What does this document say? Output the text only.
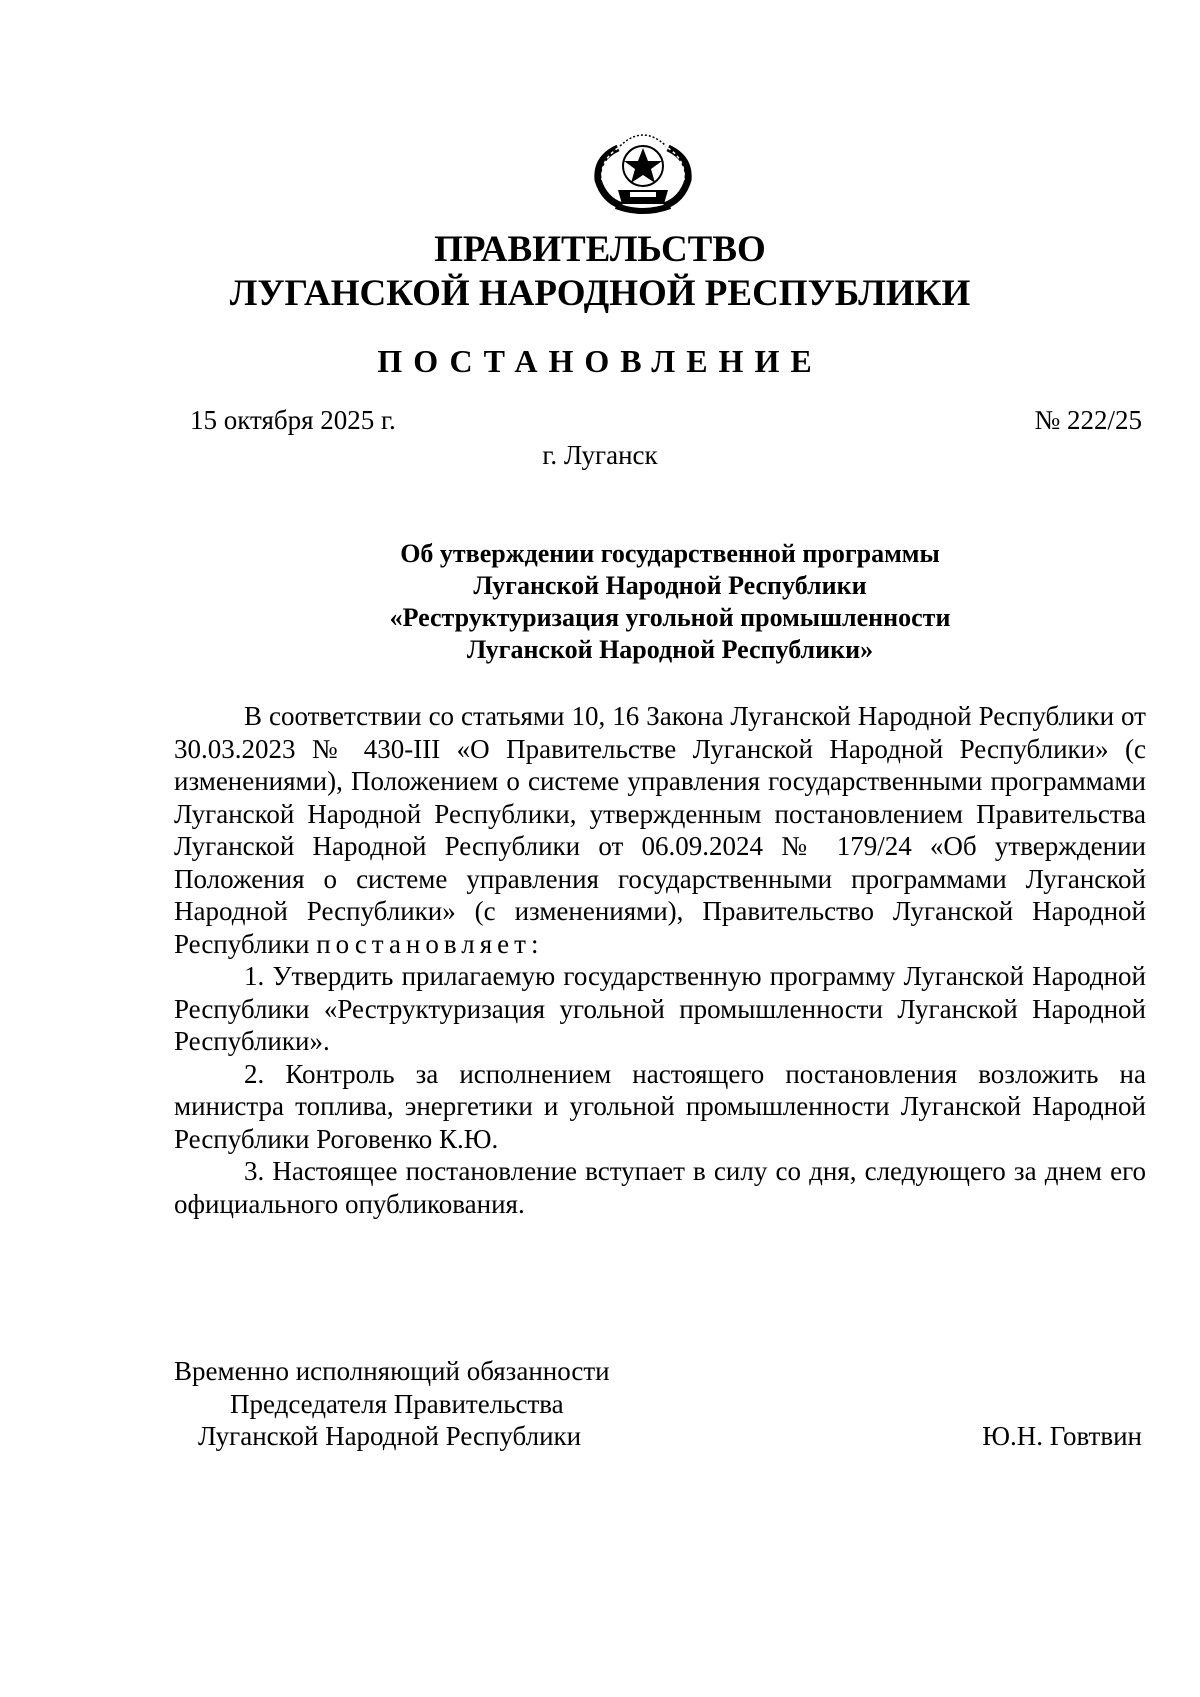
ПРАВИТЕЛЬСТВО
ЛУГАНСКОЙ НАРОДНОЙ РЕСПУБЛИКИ
ПОСТАНОВЛЕНИЕ
15 октября 2025 г.	№ 222/25
г. Луганск
Об утверждении государственной программы
Луганской Народной Республики
«Реструктуризация угольной промышленности
Луганской Народной Республики»

В соответствии со статьями 10, 16 Закона Луганской Народной Республики от 30.03.2023 № 430-III «О Правительстве Луганской Народной Республики» (с изменениями), Положением о системе управления государственными программами Луганской Народной Республики, утвержденным постановлением Правительства Луганской Народной Республики от 06.09.2024 № 179/24 «Об утверждении Положения о системе управления государственными программами Луганской Народной Республики» (с изменениями), Правительство Луганской Народной Республики постановляет:

1. Утвердить прилагаемую государственную программу Луганской Народной Республики «Реструктуризация угольной промышленности Луганской Народной Республики».

2. Контроль за исполнением настоящего постановления возложить на министра топлива, энергетики и угольной промышленности Луганской Народной Республики Роговенко К.Ю.

3. Настоящее постановление вступает в силу со дня, следующего за днем его официального опубликования.

Временно исполняющий обязанности
Председателя Правительства
Луганской Народной Республики	Ю.Н. Говтвин
